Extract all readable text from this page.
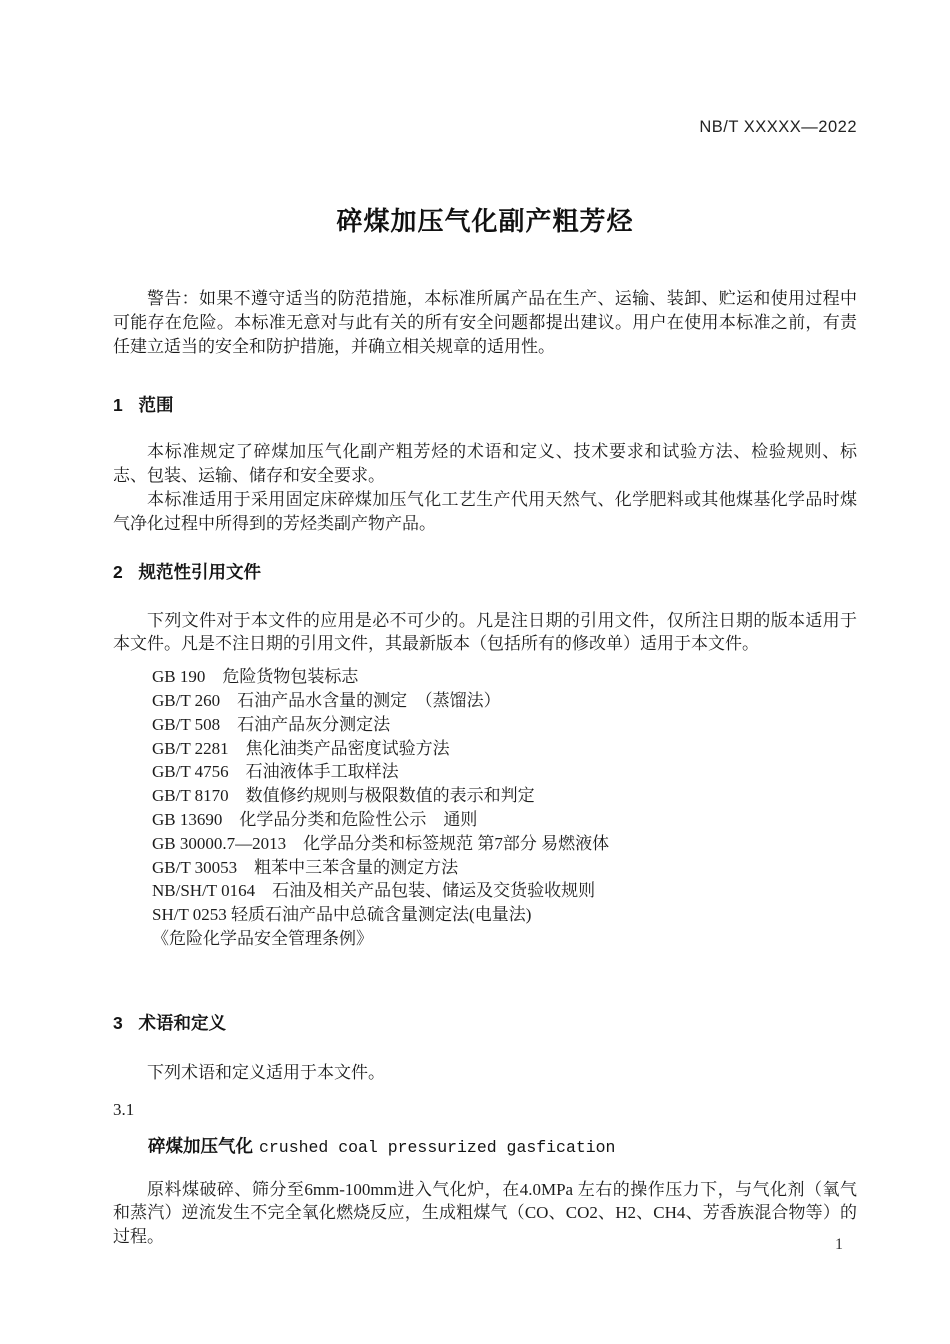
NB/T XXXXX—2022
碎煤加压气化副产粗芳烃

警告：如果不遵守适当的防范措施，本标准所属产品在生产、运输、装卸、贮运和使用过程中可能存在危险。本标准无意对与此有关的所有安全问题都提出建议。用户在使用本标准之前，有责任建立适当的安全和防护措施，并确立相关规章的适用性。

1 范围

本标准规定了碎煤加压气化副产粗芳烃的术语和定义、技术要求和试验方法、检验规则、标志、包装、运输、储存和安全要求。

本标准适用于采用固定床碎煤加压气化工艺生产代用天然气、化学肥料或其他煤基化学品时煤气净化过程中所得到的芳烃类副产物产品。

2 规范性引用文件

下列文件对于本文件的应用是必不可少的。凡是注日期的引用文件，仅所注日期的版本适用于本文件。凡是不注日期的引用文件，其最新版本（包括所有的修改单）适用于本文件。

GB 190　危险货物包装标志

GB/T 260　石油产品水含量的测定　（蒸馏法）

GB/T 508　石油产品灰分测定法

GB/T 2281　焦化油类产品密度试验方法

GB/T 4756　石油液体手工取样法

GB/T 8170　数值修约规则与极限数值的表示和判定

GB 13690　化学品分类和危险性公示　通则

GB 30000.7—2013　化学品分类和标签规范 第7部分 易燃液体

GB/T 30053　粗苯中三苯含量的测定方法

NB/SH/T 0164　石油及相关产品包装、储运及交货验收规则

SH/T 0253 轻质石油产品中总硫含量测定法(电量法)

《危险化学品安全管理条例》

3 术语和定义

下列术语和定义适用于本文件。

3.1

碎煤加压气化 crushed coal pressurized gasfication

原料煤破碎、筛分至6mm-100mm进入气化炉，在4.0MPa 左右的操作压力下，与气化剂（氧气和蒸汽）逆流发生不完全氧化燃烧反应，生成粗煤气（CO、CO2、H2、CH4、芳香族混合物等）的过程。	1
